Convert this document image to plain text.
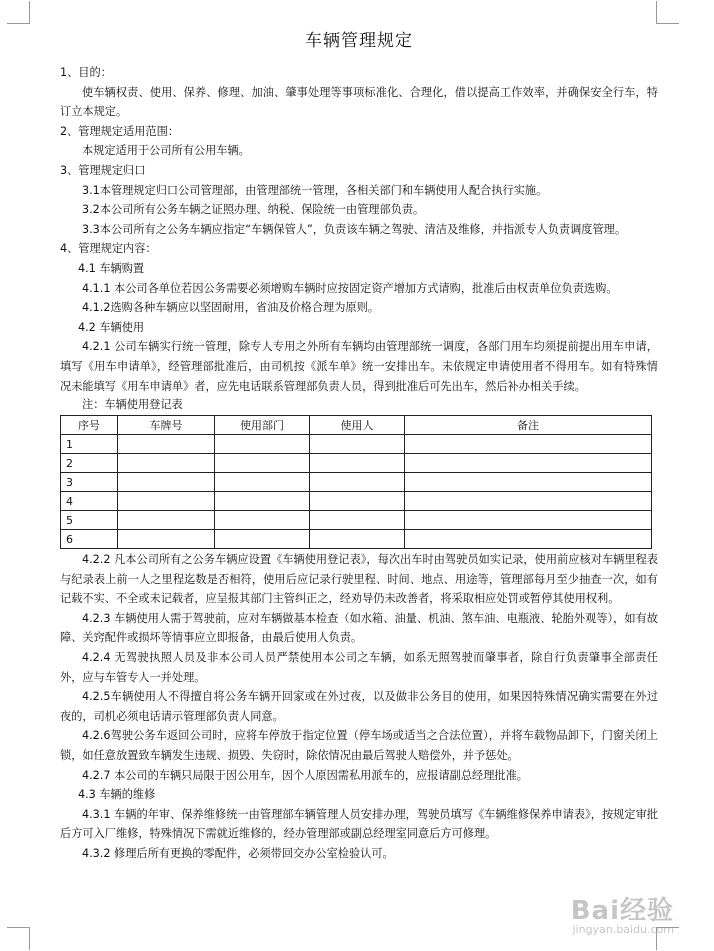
车辆管理规定
1、目的：
使车辆权责、使用、保养、修理、加油、肇事处理等事项标准化、合理化，借以提高工作效率，并确保安全行车，特订立本规定。
2、管理规定适用范围：
本规定适用于公司所有公用车辆。
3、管理规定归口
3.1本管理规定归口公司管理部，由管理部统一管理，各相关部门和车辆使用人配合执行实施。
3.2本公司所有公务车辆之证照办理、纳税、保险统一由管理部负责。
3.3本公司所有之公务车辆应指定“车辆保管人”，负责该车辆之驾驶、清洁及维修，并指派专人负责调度管理。
4、管理规定内容：
4.1 车辆购置
4.1.1 本公司各单位若因公务需要必须增购车辆时应按固定资产增加方式请购，批准后由权责单位负责选购。
4.1.2选购各种车辆应以坚固耐用，省油及价格合理为原则。
4.2 车辆使用
4.2.1 公司车辆实行统一管理，除专人专用之外所有车辆均由管理部统一调度，各部门用车均须提前提出用车申请，填写《用车申请单》，经管理部批准后，由司机按《派车单》统一安排出车。未依规定申请使用者不得用车。如有特殊情况未能填写《用车申请单》者，应先电话联系管理部负责人员，得到批准后可先出车，然后补办相关手续。
注：车辆使用登记表
序号	车牌号	使用部门	使用人	备注
1				
2				
3				
4				
5				
6				
4.2.2 凡本公司所有之公务车辆应设置《车辆使用登记表》，每次出车时由驾驶员如实记录，使用前应核对车辆里程表与纪录表上前一人之里程迄数是否相符，使用后应记录行驶里程、时间、地点、用途等，管理部每月至少抽查一次，如有记载不实、不全或未记载者，应呈报其部门主管纠正之，经劝导仍未改善者，将采取相应处罚或暂停其使用权利。
4.2.3 车辆使用人需于驾驶前，应对车辆做基本检查（如水箱、油量、机油、煞车油、电瓶液、轮胎外观等），如有故障、关窍配件或损坏等情事应立即报备，由最后使用人负责。
4.2.4 无驾驶执照人员及非本公司人员严禁使用本公司之车辆，如系无照驾驶而肇事者，除自行负责肇事全部责任外，应与车管专人一并处理。
4.2.5车辆使用人不得擅自将公务车辆开回家或在外过夜，以及做非公务目的使用，如果因特殊情况确实需要在外过夜的，司机必须电话请示管理部负责人同意。
4.2.6驾驶公务车返回公司时，应将车停放于指定位置（停车场或适当之合法位置），并将车载物品卸下，门窗关闭上锁，如任意放置致车辆发生违规、损毁、失窃时，除依情况由最后驾驶人赔偿外，并予惩处。
4.2.7 本公司的车辆只局限于因公用车，因个人原因需私用派车的，应报请副总经理批准。
4.3 车辆的维修
4.3.1 车辆的年审、保养维修统一由管理部车辆管理人员安排办理，驾驶员填写《车辆维修保养申请表》，按规定审批后方可入厂维修，特殊情况下需就近维修的，经办管理部或副总经理室同意后方可修理。
4.3.2 修理后所有更换的零配件，必须带回交办公室检验认可。
Bai经验
jingyan.baidu.com
